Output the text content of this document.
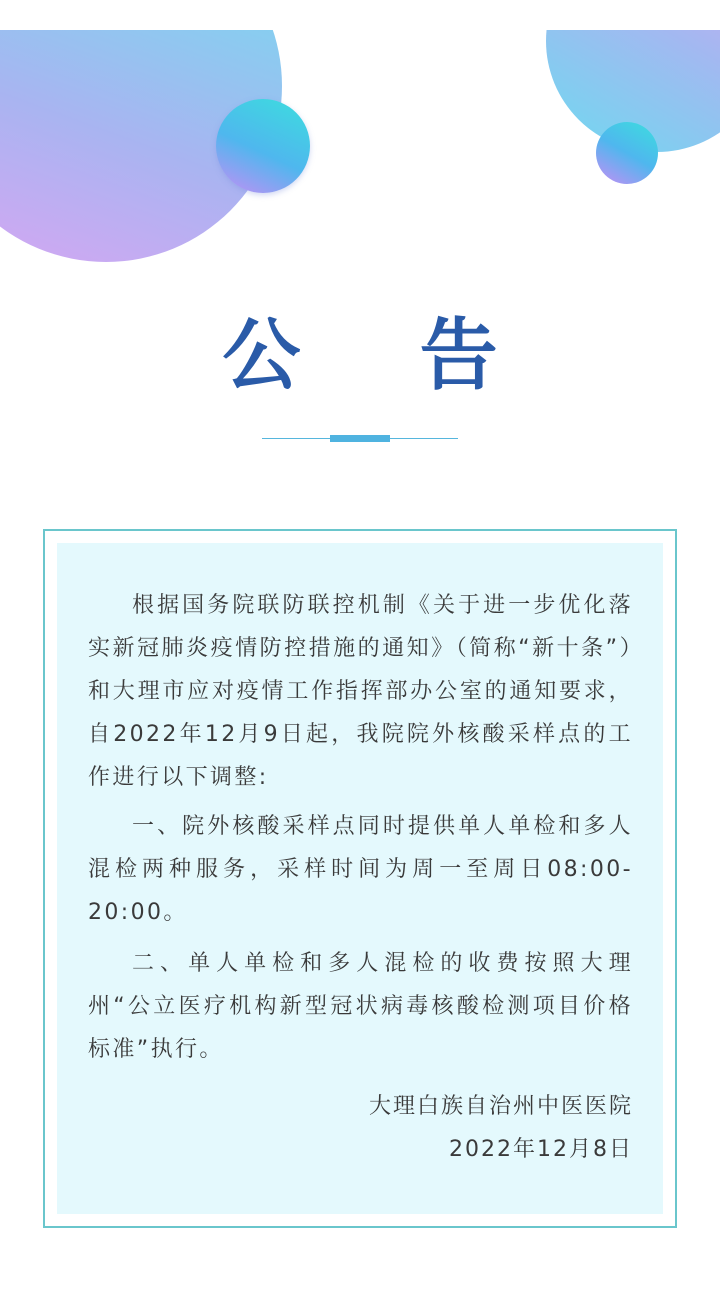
公 告

根据国务院联防联控机制《关于进一步优化落实新冠肺炎疫情防控措施的通知》（简称“新十条”）和大理市应对疫情工作指挥部办公室的通知要求，自2022年12月9日起，我院院外核酸采样点的工作进行以下调整:

一、院外核酸采样点同时提供单人单检和多人混检两种服务，采样时间为周一至周日08:00-20:00。

二、单人单检和多人混检的收费按照大理州“公立医疗机构新型冠状病毒核酸检测项目价格标准”执行。

大理白族自治州中医医院
2022年12月8日
